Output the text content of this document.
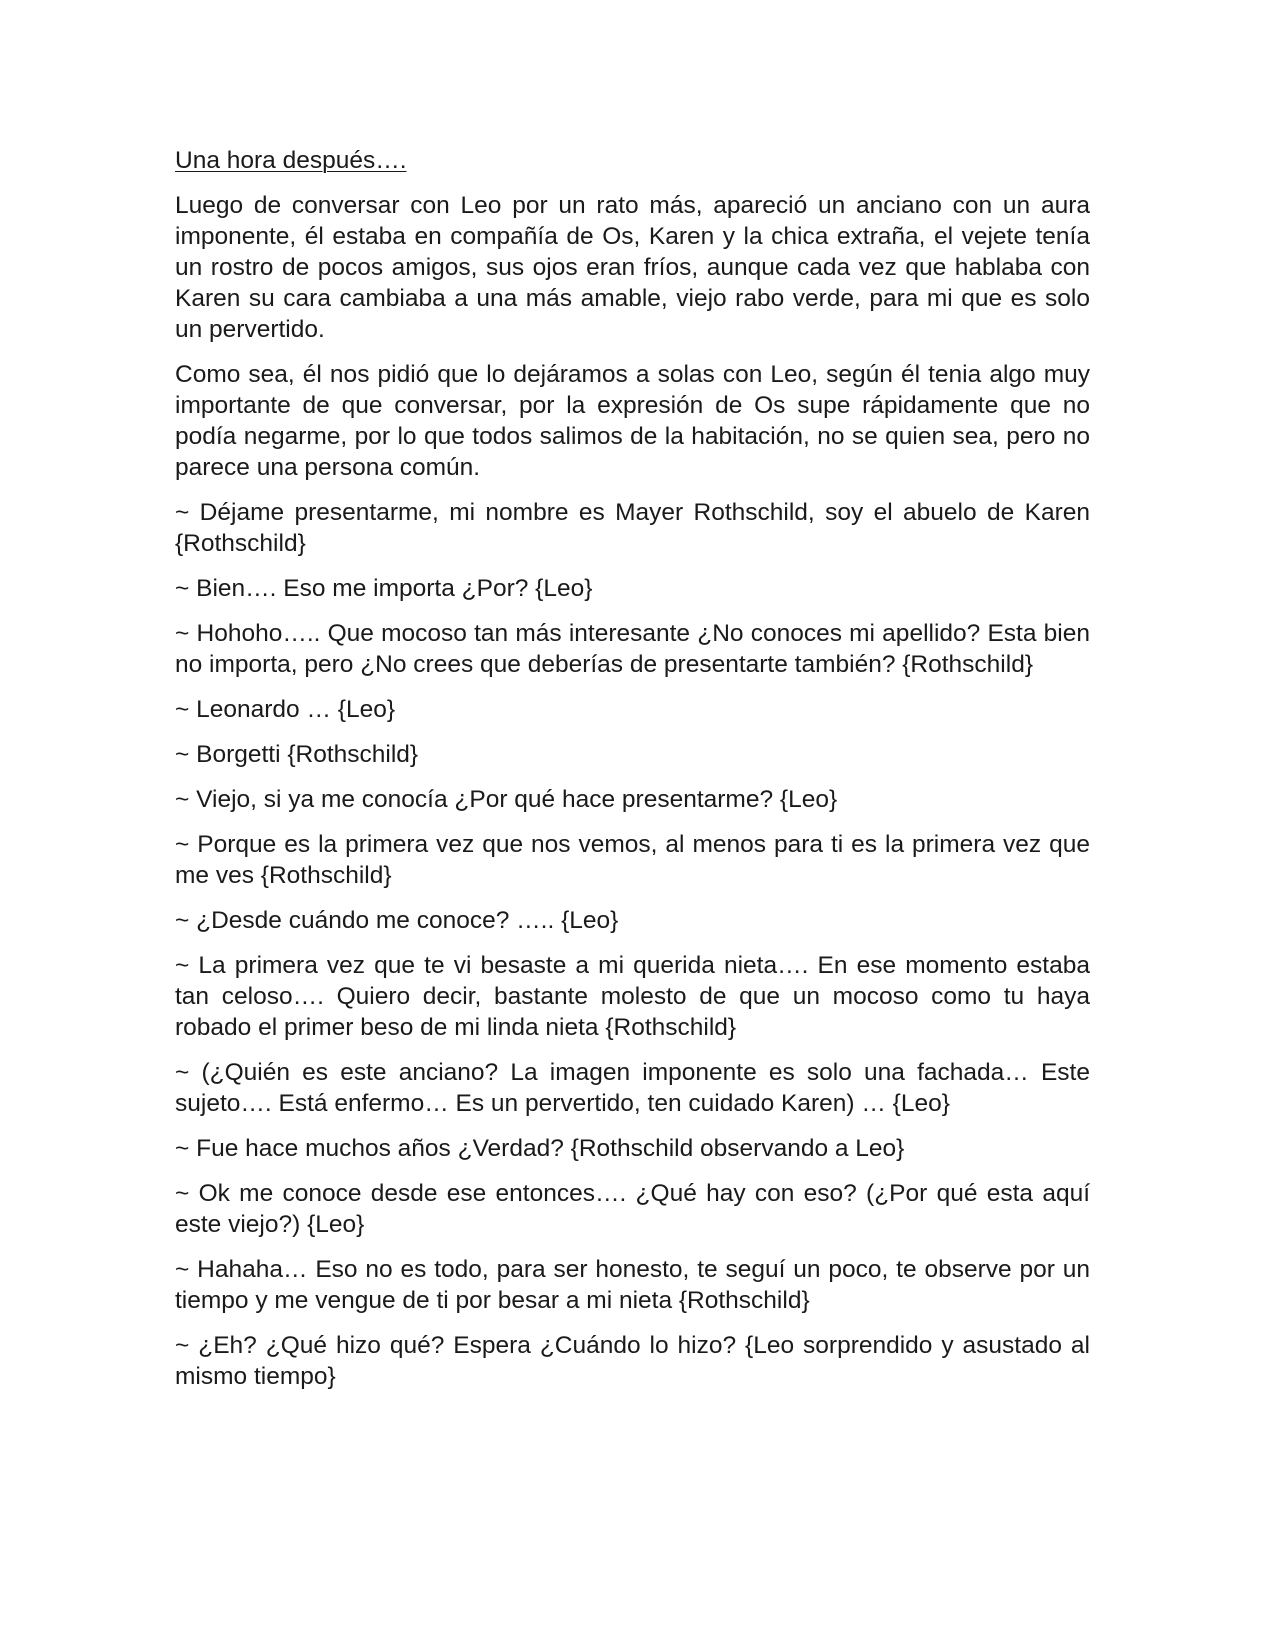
Una hora después….

Luego de conversar con Leo por un rato más, apareció un anciano con un aura imponente, él estaba en compañía de Os, Karen y la chica extraña, el vejete tenía un rostro de pocos amigos, sus ojos eran fríos, aunque cada vez que hablaba con Karen su cara cambiaba a una más amable, viejo rabo verde, para mi que es solo un pervertido.

Como sea, él nos pidió que lo dejáramos a solas con Leo, según él tenia algo muy importante de que conversar, por la expresión de Os supe rápidamente que no podía negarme, por lo que todos salimos de la habitación, no se quien sea, pero no parece una persona común.

~ Déjame presentarme, mi nombre es Mayer Rothschild, soy el abuelo de Karen {Rothschild}

~ Bien…. Eso me importa ¿Por? {Leo}

~ Hohoho….. Que mocoso tan más interesante ¿No conoces mi apellido? Esta bien no importa, pero ¿No crees que deberías de presentarte también? {Rothschild}

~ Leonardo … {Leo}

~ Borgetti {Rothschild}

~ Viejo, si ya me conocía ¿Por qué hace presentarme? {Leo}

~ Porque es la primera vez que nos vemos, al menos para ti es la primera vez que me ves {Rothschild}

~ ¿Desde cuándo me conoce? ….. {Leo}

~ La primera vez que te vi besaste a mi querida nieta…. En ese momento estaba tan celoso…. Quiero decir, bastante molesto de que un mocoso como tu haya robado el primer beso de mi linda nieta {Rothschild}

~ (¿Quién es este anciano? La imagen imponente es solo una fachada… Este sujeto…. Está enfermo… Es un pervertido, ten cuidado Karen) … {Leo}

~ Fue hace muchos años ¿Verdad? {Rothschild observando a Leo}

~ Ok me conoce desde ese entonces…. ¿Qué hay con eso? (¿Por qué esta aquí este viejo?) {Leo}

~ Hahaha… Eso no es todo, para ser honesto, te seguí un poco, te observe por un tiempo y me vengue de ti por besar a mi nieta {Rothschild}

~ ¿Eh? ¿Qué hizo qué? Espera ¿Cuándo lo hizo? {Leo sorprendido y asustado al mismo tiempo}
